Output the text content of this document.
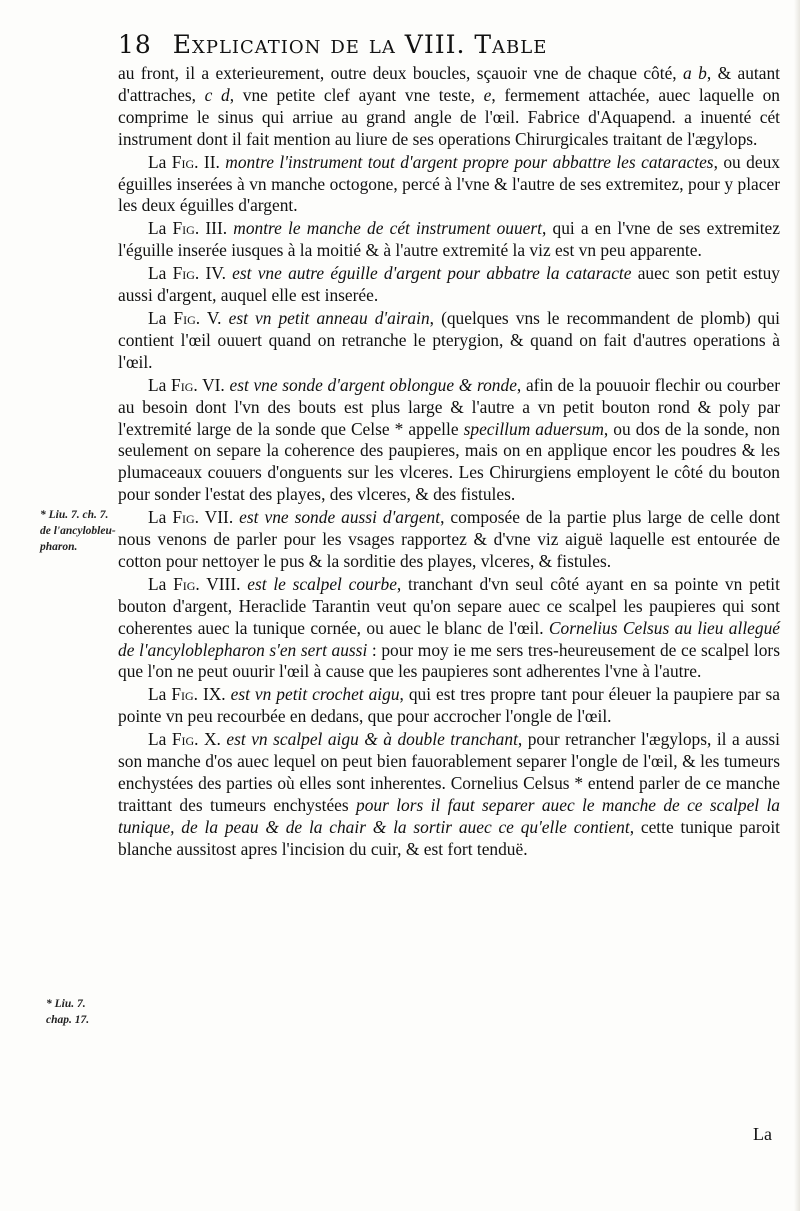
18 Explication de la VIII. Table

au front, il a exterieurement, outre deux boucles, sçauoir vne de chaque côté, a b, & autant d'attraches, c d, vne petite clef ayant vne teste, e, fermement attachée, auec laquelle on comprime le sinus qui arriue au grand angle de l'œil. Fabrice d'Aquapend. a inuenté cét instrument dont il fait mention au liure de ses operations Chirurgicales traitant de l'ægylops.

La Fig. II. montre l'instrument tout d'argent propre pour abbattre les cataractes, ou deux éguilles inserées à vn manche octogone, percé à l'vne & l'autre de ses extremitez, pour y placer les deux éguilles d'argent.

La Fig. III. montre le manche de cét instrument ouuert, qui a en l'vne de ses extremitez l'éguille inserée iusques à la moitié & à l'autre extremité la viz est vn peu apparente.

La Fig. IV. est vne autre éguille d'argent pour abbatre la cataracte auec son petit estuy aussi d'argent, auquel elle est inserée.

La Fig. V. est vn petit anneau d'airain, (quelques vns le recommandent de plomb) qui contient l'œil ouuert quand on retranche le pterygion, & quand on fait d'autres operations à l'œil.

La Fig. VI. est vne sonde d'argent oblongue & ronde, afin de la pouuoir flechir ou courber au besoin dont l'vn des bouts est plus large & l'autre a vn petit bouton rond & poly par l'extremité large de la sonde que Celse * appelle specillum aduersum, ou dos de la sonde, non seulement on separe la coherence des paupieres, mais on en applique encor les poudres & les plumaceaux couuers d'onguents sur les vlceres. Les Chirurgiens employent le côté du bouton pour sonder l'estat des playes, des vlceres, & des fistules.

La Fig. VII. est vne sonde aussi d'argent, composée de la partie plus large de celle dont nous venons de parler pour les vsages rapportez & d'vne viz aiguë laquelle est entourée de cotton pour nettoyer le pus & la sorditie des playes, vlceres, & fistules.

La Fig. VIII. est le scalpel courbe, tranchant d'vn seul côté ayant en sa pointe vn petit bouton d'argent, Heraclide Tarantin veut qu'on separe auec ce scalpel les paupieres qui sont coherentes auec la tunique cornée, ou auec le blanc de l'œil. Cornelius Celsus au lieu allegué de l'ancyloblepharon s'en sert aussi : pour moy ie me sers tres-heureusement de ce scalpel lors que l'on ne peut ouurir l'œil à cause que les paupieres sont adherentes l'vne à l'autre.

La Fig. IX. est vn petit crochet aigu, qui est tres propre tant pour éleuer la paupiere par sa pointe vn peu recourbée en dedans, que pour accrocher l'ongle de l'œil.

La Fig. X. est vn scalpel aigu & à double tranchant, pour retrancher l'ægylops, il a aussi son manche d'os auec lequel on peut bien fauorablement separer l'ongle de l'œil, & les tumeurs enchystées des parties où elles sont inherentes. Cornelius Celsus * entend parler de ce manche traittant des tumeurs enchystées pour lors il faut separer auec le manche de ce scalpel la tunique, de la peau & de la chair & la sortir auec ce qu'elle contient, cette tunique paroit blanche aussitost apres l'incision du cuir, & est fort tenduë.

* Liu. 7. ch. 7.
de l'ancylobleu-
pharon.
* Liu. 7.
chap. 17.
La
